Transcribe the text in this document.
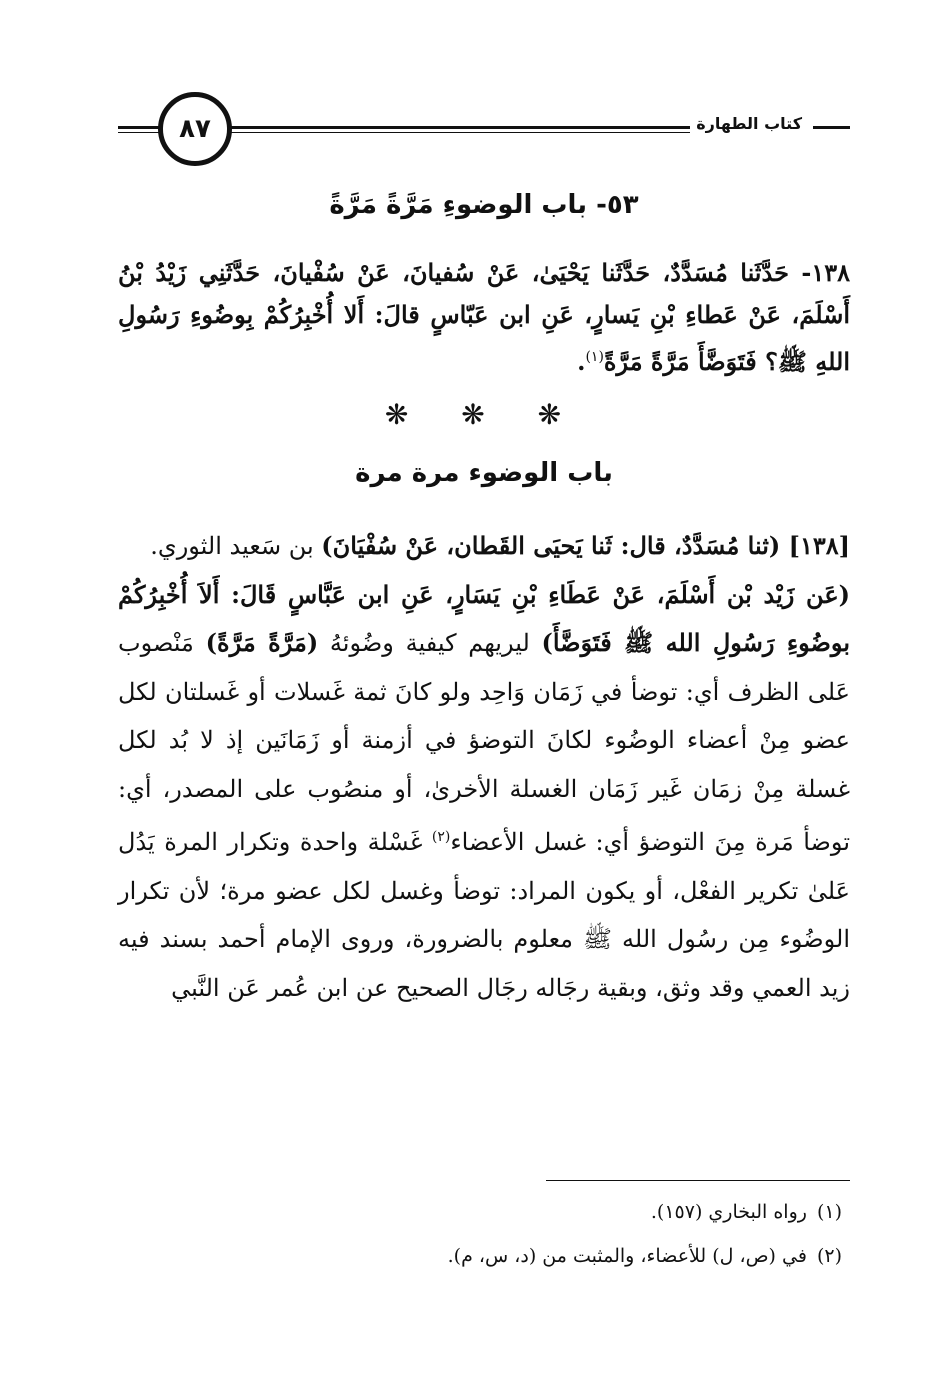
٨٧	كتاب الطهارة
٥٣- باب الوضوءِ مَرَّةً مَرَّةً
١٣٨- حَدَّثَنا مُسَدَّدٌ، حَدَّثَنا يَحْيَىٰ، عَنْ سُفيانَ، عَنْ سُفْيانَ، حَدَّثَنِي زَيْدُ بْنُ أَسْلَمَ، عَنْ عَطاءِ بْنِ يَسارٍ، عَنِ ابن عَبّاسٍ قالَ: أَلا أُخْبِرُكُمْ بِوضُوءِ رَسُولِ اللهِ ﷺ؟ فَتَوَضَّأَ مَرَّةً مَرَّةً$^{(١)}$.
❋ ❋ ❋
باب الوضوء مرة مرة

[١٣٨] (ثنا مُسَدَّدٌ، قال: ثَنا يَحيَى القَطان، عَنْ سُفْيَانَ) بن سَعيد الثوري.

(عَن زَيْد بْن أَسْلَمَ، عَنْ عَطَاءِ بْنِ يَسَارٍ، عَنِ ابن عَبَّاسٍ قَالَ: أَلاَ أُخْبِرُكُمْ بوضُوءِ رَسُولِ الله ﷺ فَتَوَضَّأَ) ليريهم كيفية وضُوئهُ (مَرَّةً مَرَّةً) مَنْصوب عَلى الظرف أي: توضأ في زَمَان وَاحِد ولو كانَ ثمة غَسلات أو غَسلتان لكل عضو مِنْ أعضاء الوضُوء لكانَ التوضؤ في أزمنة أو زَمَانَين إذ لا بُد لكل غسلة مِنْ زمَان غَير زَمَان الغسلة الأخرىٰ، أو منصُوب على المصدر، أي: توضأ مَرة مِنَ التوضؤ أي: غسل الأعضاء$^{(٢)}$ غَسْلة واحدة وتكرار المرة يَدُل عَلىٰ تكرير الفعْل، أو يكون المراد: توضأ وغسل لكل عضو مرة؛ لأن تكرار الوضُوء مِن رسُول الله ﷺ معلوم بالضرورة، وروى الإمام أحمد بسند فيه زيد العمي وقد وثق، وبقية رجَاله رجَال الصحيح عن ابن عُمر عَن النَّبي

(١)رواه البخاري (١٥٧).
(٢)في (ص، ل) للأعضاء، والمثبت من (د، س، م).
